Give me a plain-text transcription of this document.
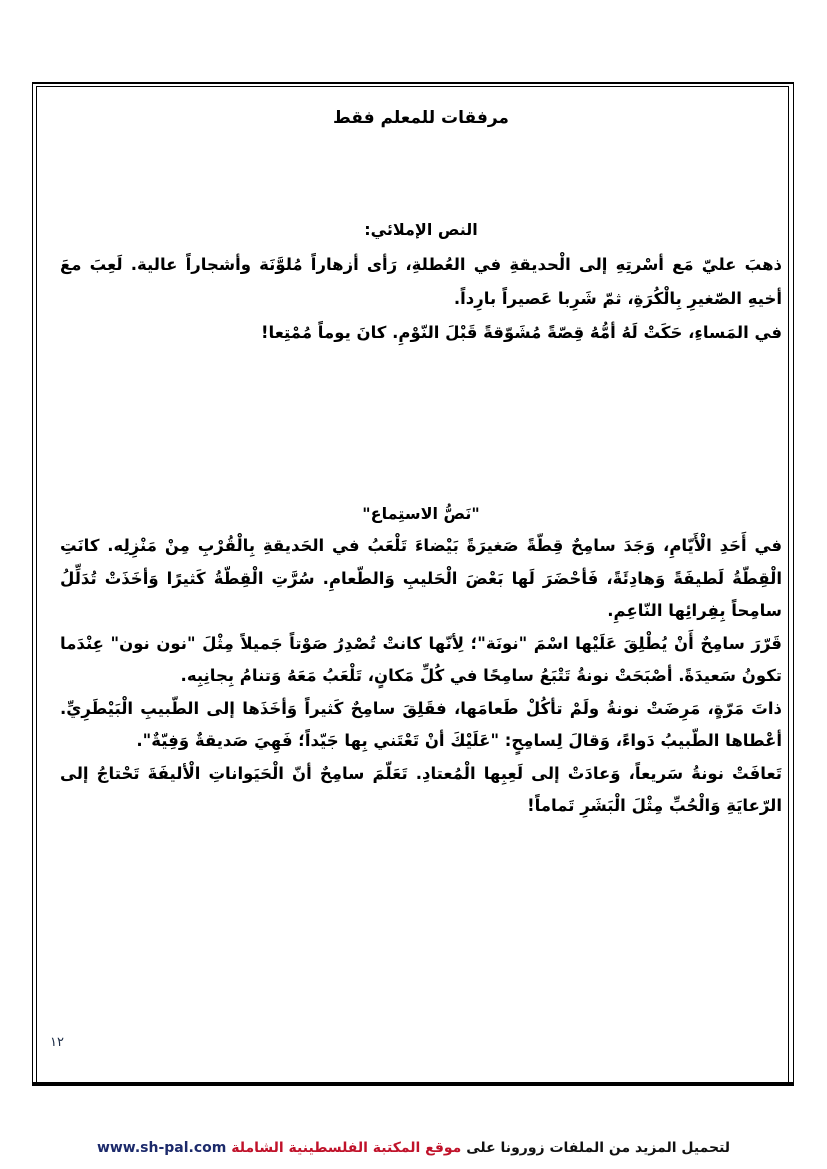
مرفقات للمعلم فقط
النص الإملائي:

ذهبَ عليّ مَع أسْرتِهِ إلى الْحديقةِ في العُطلةِ، رَأى أزهاراً مُلوَّنَة وأشجاراً عالية. لَعِبَ معَ أخيهِ الصّغيرِ بِالْكُرَةِ، ثمّ شَرِبا عَصيراً بارِداً.

في المَساءِ، حَكَتْ لَهُ أمُّهُ قِصّةً مُشَوّقةً قَبْلَ النّوْمِ. كانَ يوماً مُمْتِعا!

"نَصُّ الاستِماع"

في أَحَدِ الْأَيّامِ، وَجَدَ سامِحٌ قِطّةً صَغيرَةً بَيْضاءَ تَلْعَبُ في الحَديقةِ بِالْقُرْبِ مِنْ مَنْزِلِه. كانَتِ الْقِطّةُ لَطيفَةً وَهادِئَةً، فَأحْضَرَ لَها بَعْضَ الْحَليبِ وَالطّعامِ. سُرَّتِ الْقِطّةُ كَثيرًا وَأخَذَتْ تُدَلِّلُ سامِحاً بِفِرائِها النّاعِمِ.

قَرّرَ سامِحٌ أَنْ يُطْلِقَ عَلَيْها اسْمَ "نونَة"؛ لِأنّها كانتْ تُصْدِرُ صَوْتاً جَميلاً مِثْلَ "نون نون" عِنْدَما تكونُ سَعيدَةً. أصْبَحَتْ نونةُ تَتْبَعُ سامِحًا في كُلِّ مَكانٍ، تَلْعَبُ مَعَهُ وَتنامُ بِجانِبِه.

ذاتَ مَرّةٍ، مَرِضَتْ نونةُ ولَمْ تأكُلْ طَعامَها، فقَلِقَ سامِحٌ كَثيراً وَأخَذَها إلى الطّبيبِ الْبَيْطَرِيِّ. أعْطاها الطّبيبُ دَواءً، وَقالَ لِسامِحٍ: "عَلَيْكَ أنْ تَعْتَني بِها جَيّداً؛ فَهِيَ صَديقةٌ وَفِيّةٌ".

تَعافَتْ نونةُ سَريعاً، وَعادَتْ إلى لَعِبِها الْمُعتادِ. تَعَلّمَ سامِحٌ أنّ الْحَيَواناتِ الْأليفَةَ تَحْتاجُ إلى الرّعايَةِ وَالْحُبِّ مِثْلَ الْبَشَرِ تَماماً!

١٢
لتحميل المزيد من الملفات زورونا على موقع المكتبة الفلسطينية الشاملة www.sh-pal.com
